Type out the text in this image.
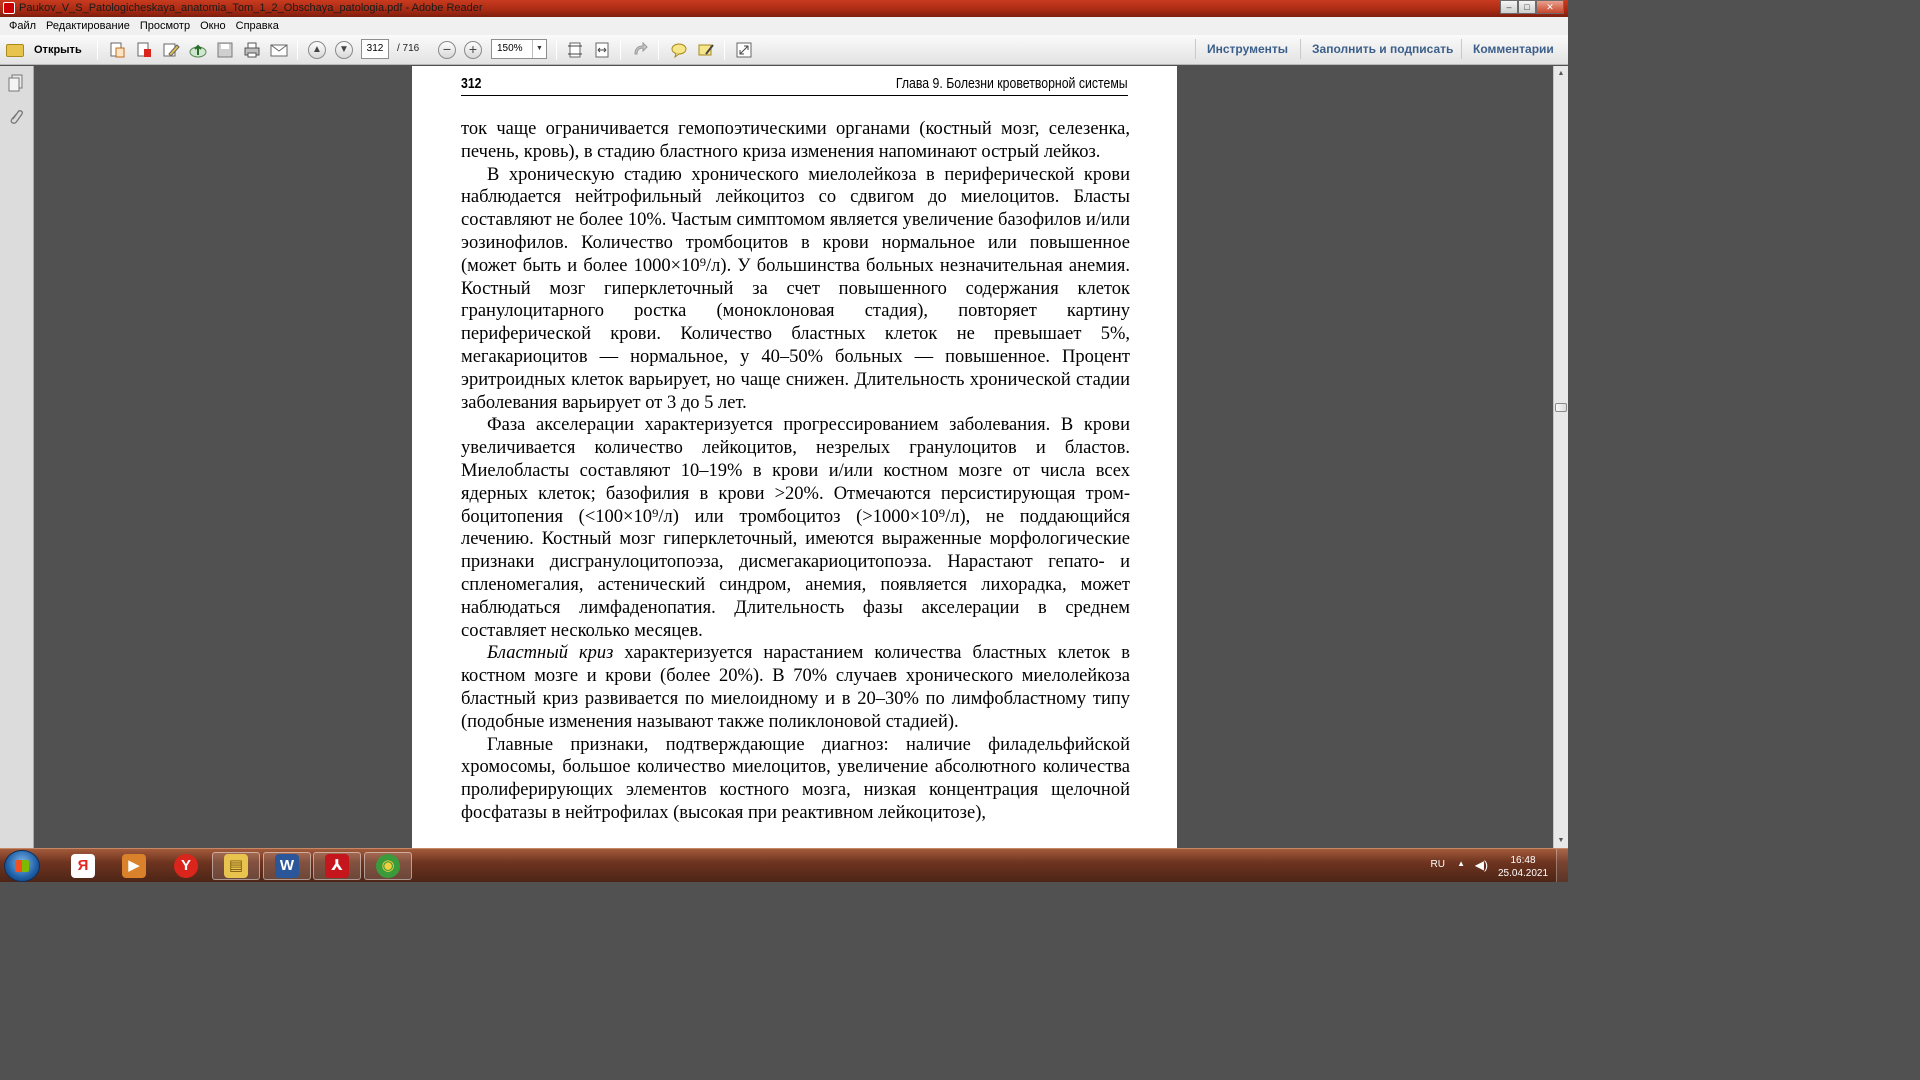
Paukov_V_S_Patologicheskaya_anatomia_Tom_1_2_Obschaya_patologia.pdf - Adobe Reader	‒	□	✕
Файл Редактирование Просмотр Окно Справка
Открыть	▲	▼	−	+	Инструменты Заполнить и подписать Комментарии
312	/ 716	150%	▼
312	Глава 9. Болезни кроветворной системы

ток чаще ограничивается гемопоэтическими органами (костный мозг, селезенка, печень, кровь), в стадию бластного криза изменения напоминают острый лейкоз.

В хроническую стадию хронического миелолейкоза в периферической крови наблюдается нейтрофильный лейкоцитоз со сдвигом до миелоцитов. Бласты составляют не более 10%. Частым симптомом является увеличение базофилов и/или эозинофилов. Количество тромбоцитов в крови нормальное или повышенное (может быть и более 1000×10⁹/л). У большинства больных незначительная анемия. Костный мозг гиперклеточный за счет повышенного содержания клеток гранулоцитарного ростка (моноклоновая стадия), повторяет картину периферической крови. Количество бластных клеток не превышает 5%, мегакариоцитов — нормальное, у 40–50% больных — повышенное. Процент эритроидных клеток варьирует, но чаще снижен. Длительность хронической стадии заболевания варьирует от 3 до 5 лет.

Фаза акселерации характеризуется прогрессированием заболевания. В крови увеличивается количество лейкоцитов, незрелых гранулоцитов и бластов. Миелобласты составляют 10–19% в крови и/или костном мозге от числа всех ядерных клеток; базофилия в крови >20%. Отмечаются персистирующая тромбоцитопения (<100×10⁹/л) или тромбоцитоз (>1000×10⁹/л), не поддающийся лечению. Костный мозг гиперклеточный, имеются выраженные морфологические признаки дисгранулоцитопоэза, дисмегакариоцитопоэза. Нарастают гепато- и спленомегалия, астенический синдром, анемия, появляется лихорадка, может наблюдаться лимфаденопатия. Длительность фазы акселерации в среднем составляет несколько месяцев.

Бластный криз характеризуется нарастанием количества бластных клеток в костном мозге и крови (более 20%). В 70% случаев хронического миелолейкоза бластный криз развивается по миелоидному и в 20–30% по лимфобластному типу (подобные изменения называют также поликлоновой стадией).

Главные признаки, подтверждающие диагноз: наличие филадельфийской хромосомы, большое количество миелоцитов, увеличение абсолютного количества пролиферирующих элементов костного мозга, низкая концентрация щелочной фосфатазы в нейтрофилах (высокая при реактивном лейкоцитозе),

▲
▼
Я	▶	Y	▤	W	⅄	◉	RU ▲ ◀)	16:48
25.04.2021
